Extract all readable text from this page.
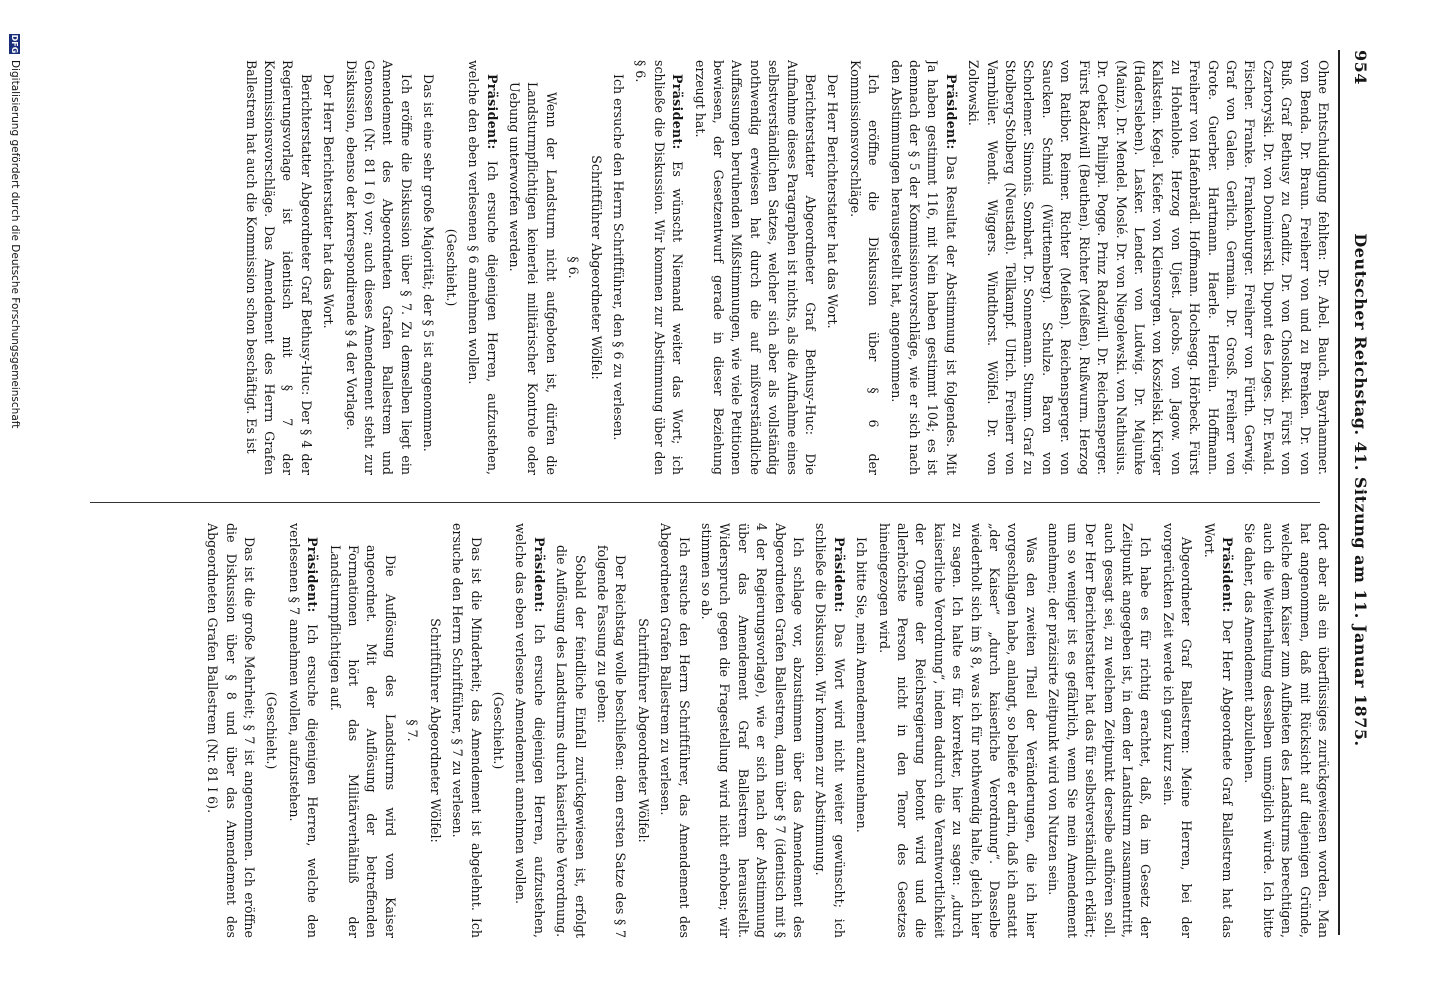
954
Deutscher Reichstag. 41. Sitzung am 11. Januar 1875.

Ohne Entschuldigung fehlten: Dr. Abel. Bauch. Bayrhammer. von Benda. Dr. Braun. Freiherr von und zu Brenken. Dr. von Buß. Graf Bethusy zu Canditz. Dr. von Choslonski. Fürst von Czartoryski. Dr. von Donimierski. Dupont des Loges. Dr. Ewald. Fischer. Franke. Frankenburger. Freiherr von Fürth. Gerwig. Graf von Galen. Gerlich. Germain. Dr. Grosß. Freiherr von Grote. Guerber. Hartmann. Haerle. Herrlein. Hoffmann. Freiherr von Hafenbrädl. Hoffmann. Hochsegg. Hörbeck. Fürst zu Hohenlohe. Herzog von Ujest. Jacobs. von Jagow. von Kalkstein. Kegel. Kiefer. von Kleinsorgen. von Koszielski. Krüger (Hadersleben). Lasker. Lender. von Ludwig. Dr. Majunke (Mainz). Dr. Mendel. Moslé. Dr. von Niegolewski. von Nathusius. Dr. Oetker. Philippi. Pogge. Prinz Radziwill. Dr. Reichensperger. Fürst Radziwill (Beuthen). Richter (Meißen). Rußwurm. Herzog von Ratibor. Reimer. Richter (Meißen). Reichensperger. von Saucken. Schmid (Württemberg). Schulze. Baron von Schorlemer. Simonis. Sombart. Dr. Sonnemann. Stumm. Graf zu Stolberg-Stolberg (Neustadt). Tellkampf. Ulrich. Freiherr von Varnbüler. Wendt. Wiggers. Windthorst. Wölfel. Dr. von Zoltowski.

Präsident: Das Resultat der Abstimmung ist folgendes. Mit Ja haben gestimmt 116, mit Nein haben gestimmt 104; es ist demnach der § 5 der Kommissionsvorschläge, wie er sich nach den Abstimmungen herausgestellt hat, angenommen.

Ich eröffne die Diskussion über § 6 der Kommissionsvorschläge.

Der Herr Berichterstatter hat das Wort.

Berichterstatter Abgeordneter Graf Bethusy-Huc: Die Aufnahme dieses Paragraphen ist nichts, als die Aufnahme eines selbstverständlichen Satzes, welcher sich aber als vollständig nothwendig erwiesen hat durch die auf mißverständliche Auffassungen beruhenden Mißstimmungen, wie viele Petitionen bewiesen, der Gesetzentwurf gerade in dieser Beziehung erzeugt hat.

Präsident: Es wünscht Niemand weiter das Wort; ich schließe die Diskussion. Wir kommen zur Abstimmung über den § 6.

Ich ersuche den Herrn Schriftführer, den § 6 zu verlesen.

Schriftführer Abgeordneter Wölfel:

§ 6.

Wenn der Landsturm nicht aufgeboten ist, dürfen die Landsturmpflichtigen keinerlei militärischer Kontrole oder Uebung unterworfen werden.

Präsident: Ich ersuche diejenigen Herren, aufzustehen, welche den eben verlesenen § 6 annehmen wollen.

(Geschieht.)

Das ist eine sehr große Majorität; der § 5 ist angenommen.

Ich eröffne die Diskussion über § 7. Zu demselben liegt ein Amendement des Abgeordneten Grafen Ballestrem und Genossen (Nr. 81 I 6) vor; auch dieses Amendement steht zur Diskussion, ebenso der korrespondirende § 4 der Vorlage.

Der Herr Berichterstatter hat das Wort.

Berichterstatter Abgeordneter Graf Bethusy-Huc: Der § 4 der Regierungsvorlage ist identisch mit § 7 der Kommissionsvorschläge. Das Amendement des Herrn Grafen Ballestrem hat auch die Kommission schon beschäftigt. Es ist

dort aber als ein überflüssiges zurückgewiesen worden. Man hat angenommen, daß mit Rücksicht auf diejenigen Gründe, welche dem Kaiser zum Aufbieten des Landsturms berechtigen, auch die Weiterhaltung desselben unmöglich würde. Ich bitte Sie daher, das Amendement abzulehnen.

Präsident: Der Herr Abgeordnete Graf Ballestrem hat das Wort.

Abgeordneter Graf Ballestrem: Meine Herren, bei der vorgerückten Zeit werde ich ganz kurz sein.

Ich habe es für richtig erachtet, daß, da im Gesetz der Zeitpunkt angegeben ist, in dem der Landsturm zusammentritt, auch gesagt sei, zu welchem Zeitpunkt derselbe aufhören soll. Der Herr Berichterstatter hat das für selbstverständlich erklärt; um so weniger ist es gefährlich, wenn Sie mein Amendement annehmen; der präzisirte Zeitpunkt wird von Nutzen sein.

Was den zweiten Theil der Veränderungen, die ich hier vorgeschlagen habe, anlangt, so beliefe er darin, daß ich anstatt „der Kaiser“ „durch kaiserliche Verordnung“. Dasselbe wiederholt sich im § 8, was ich für nothwendig halte, gleich hier zu sagen. Ich halte es für korrekter, hier zu sagen: „durch kaiserliche Verordnung“, indem dadurch die Verantwortlichkeit der Organe der Reichsregierung betont wird und die allerhöchste Person nicht in den Tenor des Gesetzes hineingezogen wird.

Ich bitte Sie, mein Amendement anzunehmen.

Präsident: Das Wort wird nicht weiter gewünscht; ich schließe die Diskussion. Wir kommen zur Abstimmung.

Ich schlage vor, abzustimmen über das Amendement des Abgeordneten Grafen Ballestrem, dann über § 7 (identisch mit § 4 der Regierungsvorlage), wie er sich nach der Abstimmung über das Amendement Graf Ballestrem herausstellt. Widerspruch gegen die Fragestellung wird nicht erhoben; wir stimmen so ab.

Ich ersuche den Herrn Schriftführer, das Amendement des Abgeordneten Grafen Ballestrem zu verlesen.

Schriftführer Abgeordneter Wölfel:

Der Reichstag wolle beschließen: dem ersten Satze des § 7 folgende Fassung zu geben:

Sobald der feindliche Einfall zurückgewiesen ist, erfolgt die Auflösung des Landsturms durch kaiserliche Verordnung.

Präsident: Ich ersuche diejenigen Herren, aufzustehen, welche das eben verlesene Amendement annehmen wollen.

(Geschieht.)

Das ist die Minderheit; das Amendement ist abgelehnt. Ich ersuche den Herrn Schriftführer, § 7 zu verlesen.

Schriftführer Abgeordneter Wölfel:

§ 7.

Die Auflösung des Landsturms wird vom Kaiser angeordnet. Mit der Auflösung der betreffenden Formationen hört das Militärverhältniß der Landsturmpflichtigen auf.

Präsident: Ich ersuche diejenigen Herren, welche den verlesenen § 7 annehmen wollen, aufzustehen.

(Geschieht.)

Das ist die große Mehrheit; § 7 ist angenommen. Ich eröffne die Diskussion über § 8 und über das Amendement des Abgeordneten Grafen Ballestrem (Nr. 81 I 6).

DFG
Digitalisierung gefördert durch die Deutsche Forschungsgemeinschaft
